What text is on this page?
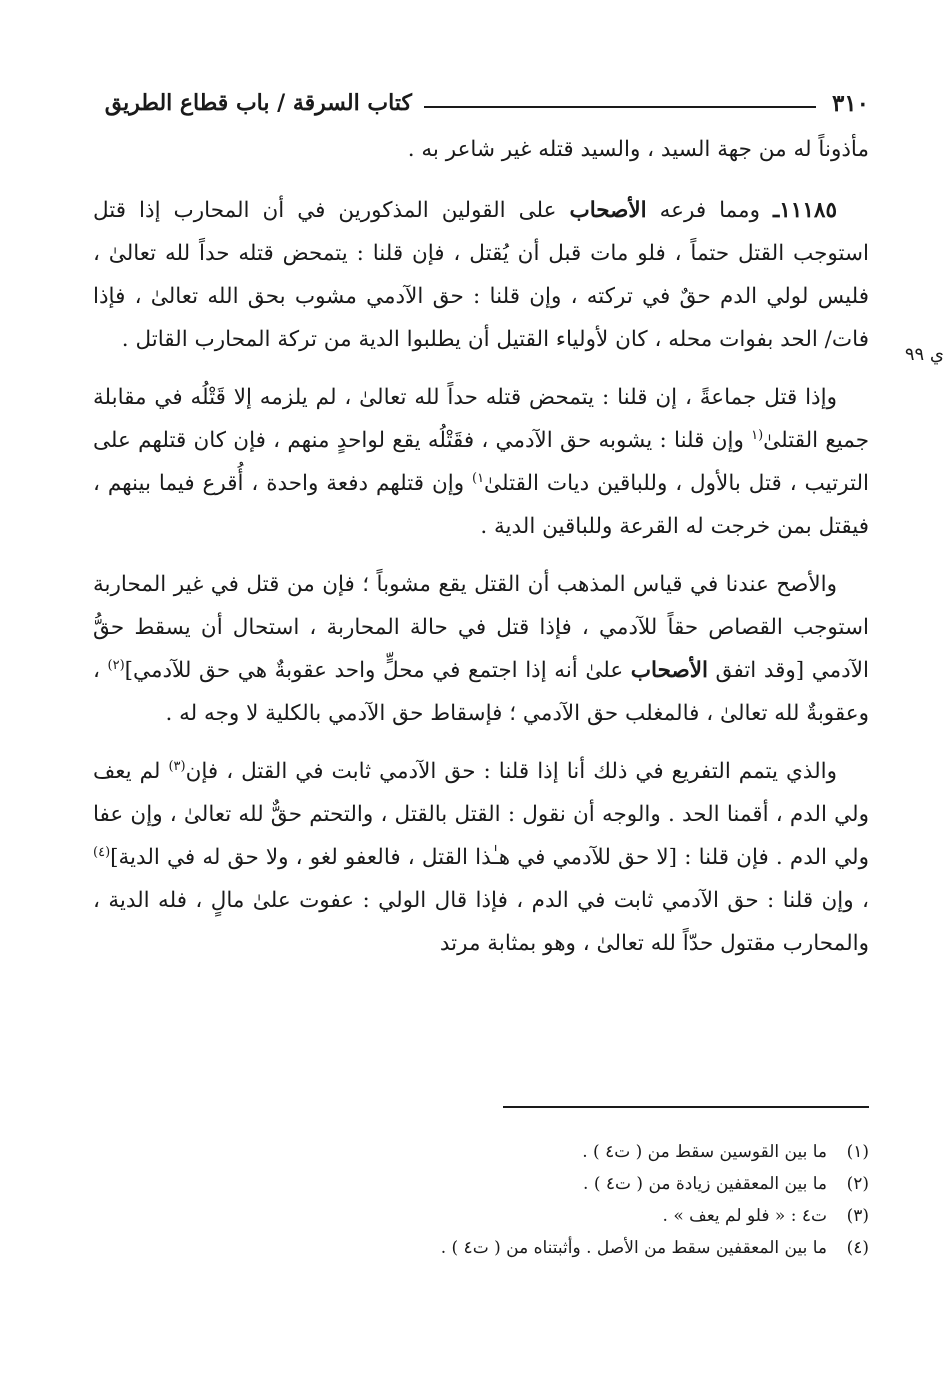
٣١٠
كتاب السرقة / باب قطاع الطريق
ي ٩٩

مأذوناً له من جهة السيد ، والسيد قتله غير شاعر به .

١١١٨٥ـ ومما فرعه الأصحاب على القولين المذكورين في أن المحارب إذا قتل استوجب القتل حتماً ، فلو مات قبل أن يُقتل ، فإن قلنا : يتمحض قتله حداً لله تعالىٰ ، فليس لولي الدم حقٌ في تركته ، وإن قلنا : حق الآدمي مشوب بحق الله تعالىٰ ، فإذا فات/ الحد بفوات محله ، كان لأولياء القتيل أن يطلبوا الدية من تركة المحارب القاتل .

وإذا قتل جماعةً ، إن قلنا : يتمحض قتله حداً لله تعالىٰ ، لم يلزمه إلا قَتْلُه في مقابلة جميع القتلىٰ$^{(١}$ وإن قلنا : يشوبه حق الآدمي ، فقَتْلُه يقع لواحدٍ منهم ، فإن كان قتلهم على الترتيب ، قتل بالأول ، وللباقين ديات القتلىٰ$^{١)}$ وإن قتلهم دفعة واحدة ، أُقرع فيما بينهم ، فيقتل بمن خرجت له القرعة وللباقين الدية .

والأصح عندنا في قياس المذهب أن القتل يقع مشوباً ؛ فإن من قتل في غير المحاربة استوجب القصاص حقاً للآدمي ، فإذا قتل في حالة المحاربة ، استحال أن يسقط حقُّ الآدمي [وقد اتفق الأصحاب علىٰ أنه إذا اجتمع في محلٍّ واحد عقوبةٌ هي حق للآدمي]$^{(٢)}$ ، وعقوبةٌ لله تعالىٰ ، فالمغلب حق الآدمي ؛ فإسقاط حق الآدمي بالكلية لا وجه له .

والذي يتمم التفريع في ذلك أنا إذا قلنا : حق الآدمي ثابت في القتل ، فإن$^{(٣)}$ لم يعف ولي الدم ، أقمنا الحد . والوجه أن نقول : القتل بالقتل ، والتحتم حقٌّ لله تعالىٰ ، وإن عفا ولي الدم . فإن قلنا : [لا حق للآدمي في هـٰذا القتل ، فالعفو لغو ، ولا حق له في الدية]$^{(٤)}$ ، وإن قلنا : حق الآدمي ثابت في الدم ، فإذا قال الولي : عفوت علىٰ مالٍ ، فله الدية ، والمحارب مقتول حدّاً لله تعالىٰ ، وهو بمثابة مرتد

(١)
ما بين القوسين سقط من ( ت٤ ) .
(٢)
ما بين المعقفين زيادة من ( ت٤ ) .
(٣)
ت٤ : « فلو لم يعف » .
(٤)
ما بين المعقفين سقط من الأصل . وأثبتناه من ( ت٤ ) .
